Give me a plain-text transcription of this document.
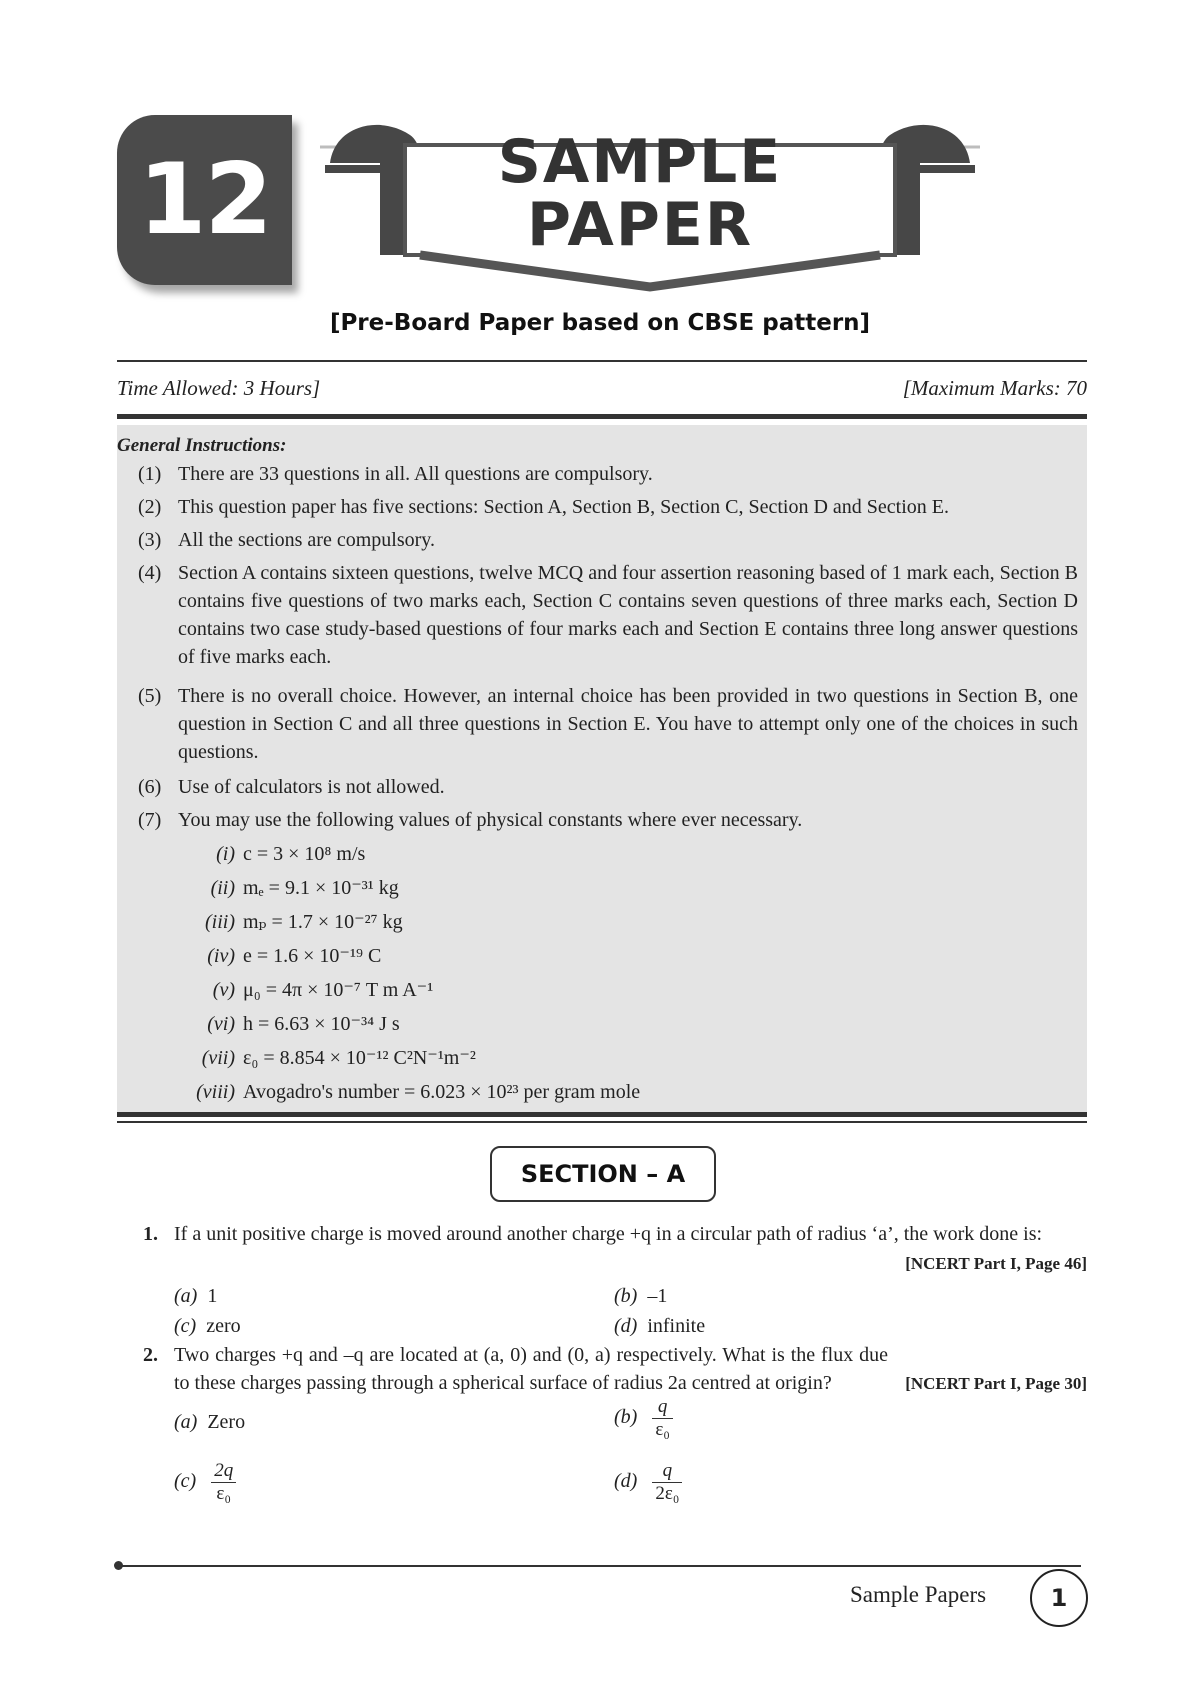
12	SAMPLE
PAPER
[Pre-Board Paper based on CBSE pattern]
Time Allowed: 3 Hours]	[Maximum Marks: 70
General Instructions:
(1) There are 33 questions in all. All questions are compulsory.
(2) This question paper has five sections: Section A, Section B, Section C, Section D and Section E.
(3) All the sections are compulsory.
(4) Section A contains sixteen questions, twelve MCQ and four assertion reasoning based of 1 mark each, Section B contains five questions of two marks each, Section C contains seven questions of three marks each, Section D contains two case study-based questions of four marks each and Section E contains three long answer questions of five marks each.
(5) There is no overall choice. However, an internal choice has been provided in two questions in Section B, one question in Section C and all three questions in Section E. You have to attempt only one of the choices in such questions.
(6) Use of calculators is not allowed.
(7) You may use the following values of physical constants where ever necessary.
(i) c = 3 × 10⁸ m/s
(ii) mₑ = 9.1 × 10⁻³¹ kg
(iii) mₚ = 1.7 × 10⁻²⁷ kg
(iv) e = 1.6 × 10⁻¹⁹ C
(v) μ₀ = 4π × 10⁻⁷ T m A⁻¹
(vi) h = 6.63 × 10⁻³⁴ J s
(vii) ε₀ = 8.854 × 10⁻¹² C²N⁻¹m⁻²
(viii) Avogadro's number = 6.023 × 10²³ per gram mole
SECTION – A
1. If a unit positive charge is moved around another charge +q in a circular path of radius ‘a’, the work done is:
[NCERT Part I, Page 46]
(a) 1	(b) –1
(c) zero	(d) infinite
2. Two charges +q and –q are located at (a, 0) and (0, a) respectively. What is the flux due to these charges passing through a spherical surface of radius 2a centred at origin?	[NCERT Part I, Page 30]
(a) Zero	$(b) \frac{q}{\text{ε₀}}$
$(c) \frac{2q}{\text{ε₀}}$	$(d) \frac{q}{\text{2ε₀}}$
Sample Papers	1
